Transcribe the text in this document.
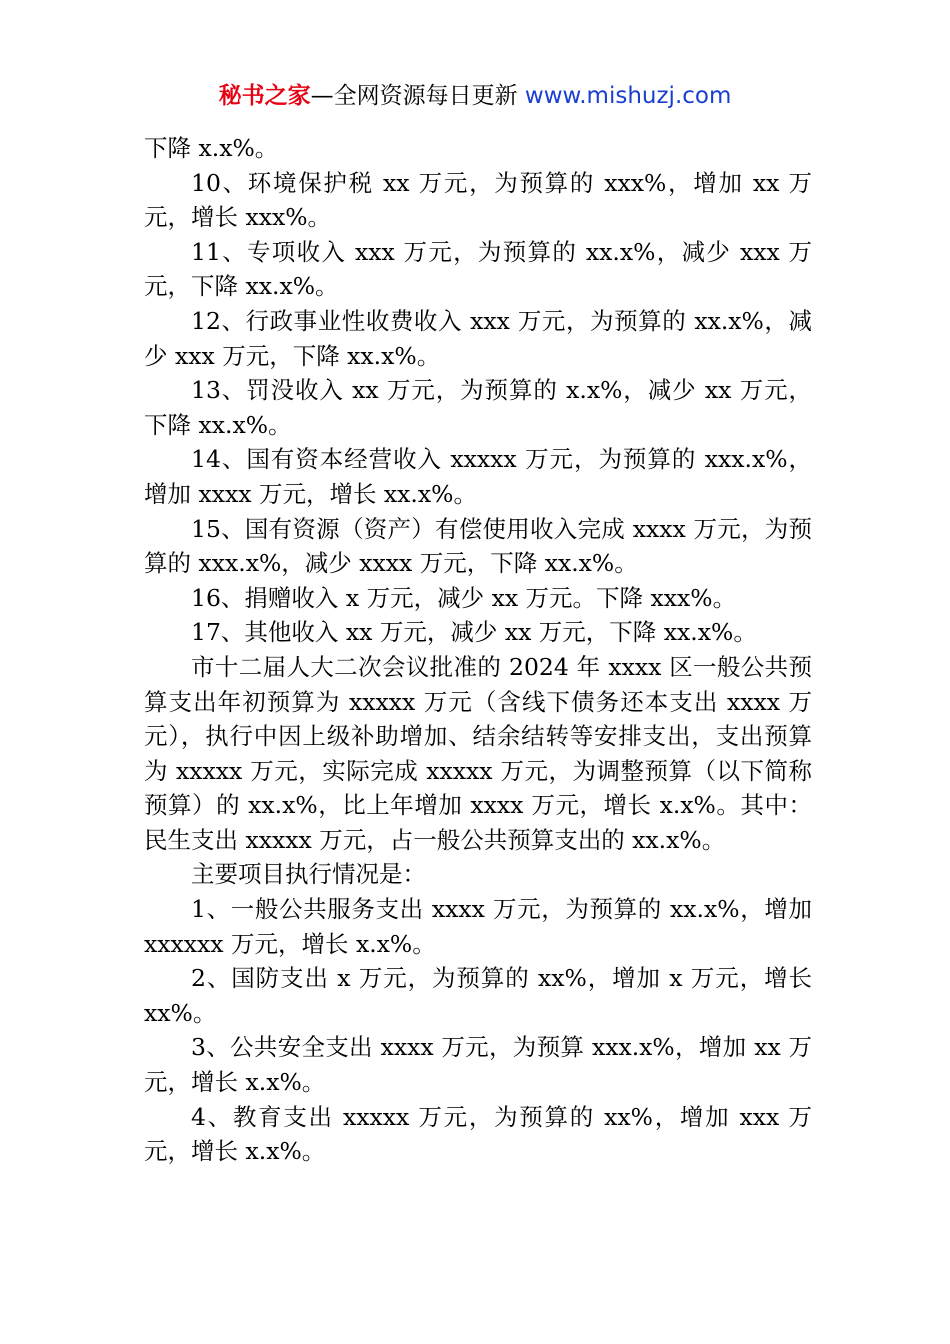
秘书之家—全网资源每日更新 www.mishuzj.com

下降 x.x%。

10、环境保护税 xx 万元，为预算的 xxx%，增加 xx 万元，增长 xxx%。

11、专项收入 xxx 万元，为预算的 xx.x%，减少 xxx 万元，下降 xx.x%。

12、行政事业性收费收入 xxx 万元，为预算的 xx.x%，减少 xxx 万元，下降 xx.x%。

13、罚没收入 xx 万元，为预算的 x.x%，减少 xx 万元，下降 xx.x%。

14、国有资本经营收入 xxxxx 万元，为预算的 xxx.x%，增加 xxxx 万元，增长 xx.x%。

15、国有资源（资产）有偿使用收入完成 xxxx 万元，为预算的 xxx.x%，减少 xxxx 万元，下降 xx.x%。

16、捐赠收入 x 万元，减少 xx 万元。下降 xxx%。

17、其他收入 xx 万元，减少 xx 万元，下降 xx.x%。

市十二届人大二次会议批准的 2024 年 xxxx 区一般公共预算支出年初预算为 xxxxx 万元（含线下债务还本支出 xxxx 万元），执行中因上级补助增加、结余结转等安排支出，支出预算为 xxxxx 万元，实际完成 xxxxx 万元，为调整预算（以下简称预算）的 xx.x%，比上年增加 xxxx 万元，增长 x.x%。其中：民生支出 xxxxx 万元，占一般公共预算支出的 xx.x%。

主要项目执行情况是：

1、一般公共服务支出 xxxx 万元，为预算的 xx.x%，增加 xxxxxx 万元，增长 x.x%。

2、国防支出 x 万元，为预算的 xx%，增加 x 万元，增长 xx%。

3、公共安全支出 xxxx 万元，为预算 xxx.x%，增加 xx 万元，增长 x.x%。

4、教育支出 xxxxx 万元，为预算的 xx%，增加 xxx 万元，增长 x.x%。
